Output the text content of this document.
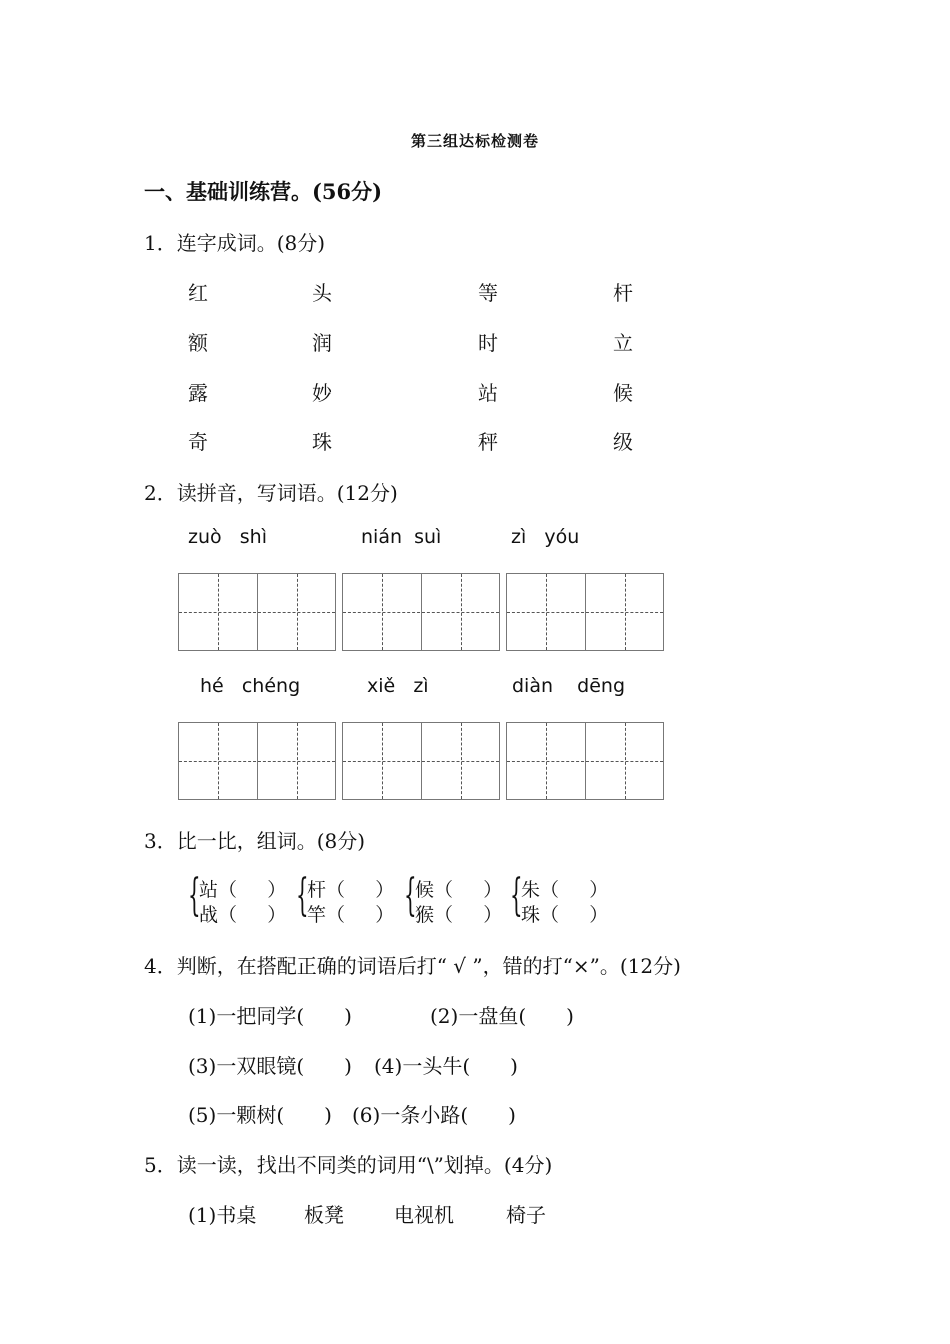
第三组达标检测卷
一、基础训练营。(56分)
1．连字成词。(8分)
红	头	等	杆
额	润	时	立
露	妙	站	候
奇	珠	秤	级
2．读拼音，写词语。(12分)
zuò   shì	nián  suì	zì   yóu
hé   chéng	xiě   zì	diàn    dēng
3．比一比，组词。(8分)
{
站（     ）
战（     ） {
杆（     ）
竿（     ） {
候（     ）
猴（     ） {
朱（     ）
珠（     ）
4．判断，在搭配正确的词语后打“ √ ”，错的打“×”。(12分)
(1)一把同学(　　)	(2)一盘鱼(　　)
(3)一双眼镜(　　) (4)一头牛(　　)
(5)一颗树(　　) (6)一条小路(　　)
5．读一读，找出不同类的词用“\”划掉。(4分)
(1)书桌 板凳	电视机	椅子
